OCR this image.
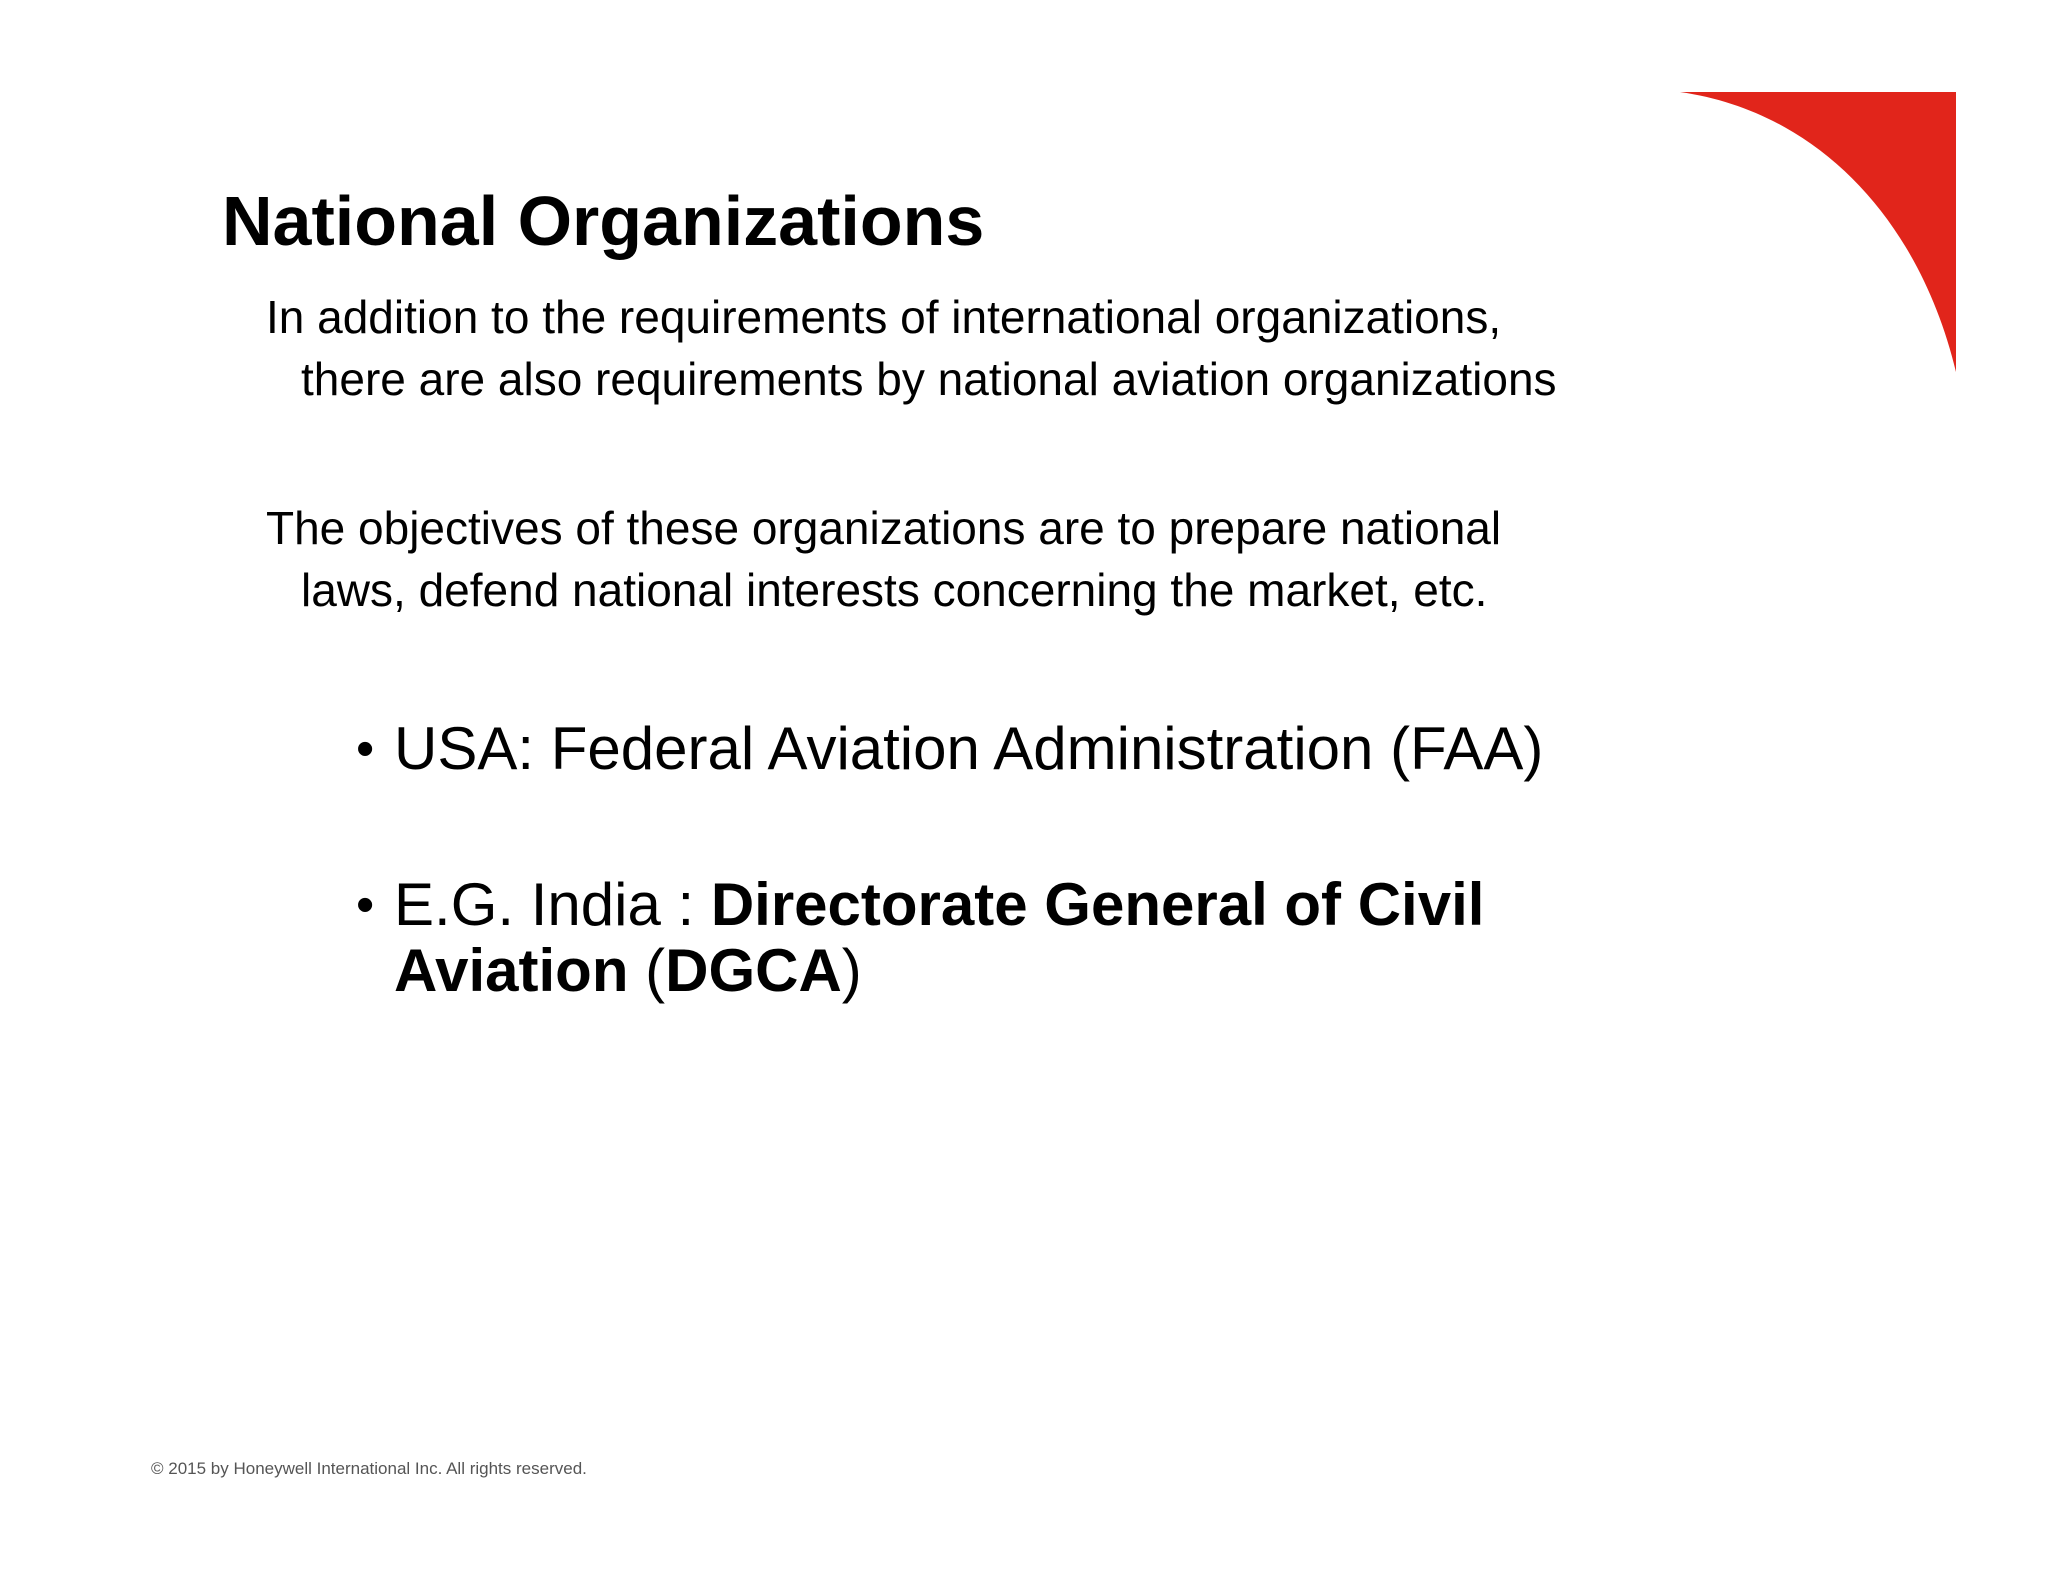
National Organizations

In addition to the requirements of international organizations,
there are also requirements by national aviation organizations

The objectives of these organizations are to prepare national
laws, defend national interests concerning the market, etc.

• USA: Federal Aviation Administration (FAA)
• E.G. India : Directorate General of Civil
Aviation (DGCA)

© 2015 by Honeywell International Inc. All rights reserved.
